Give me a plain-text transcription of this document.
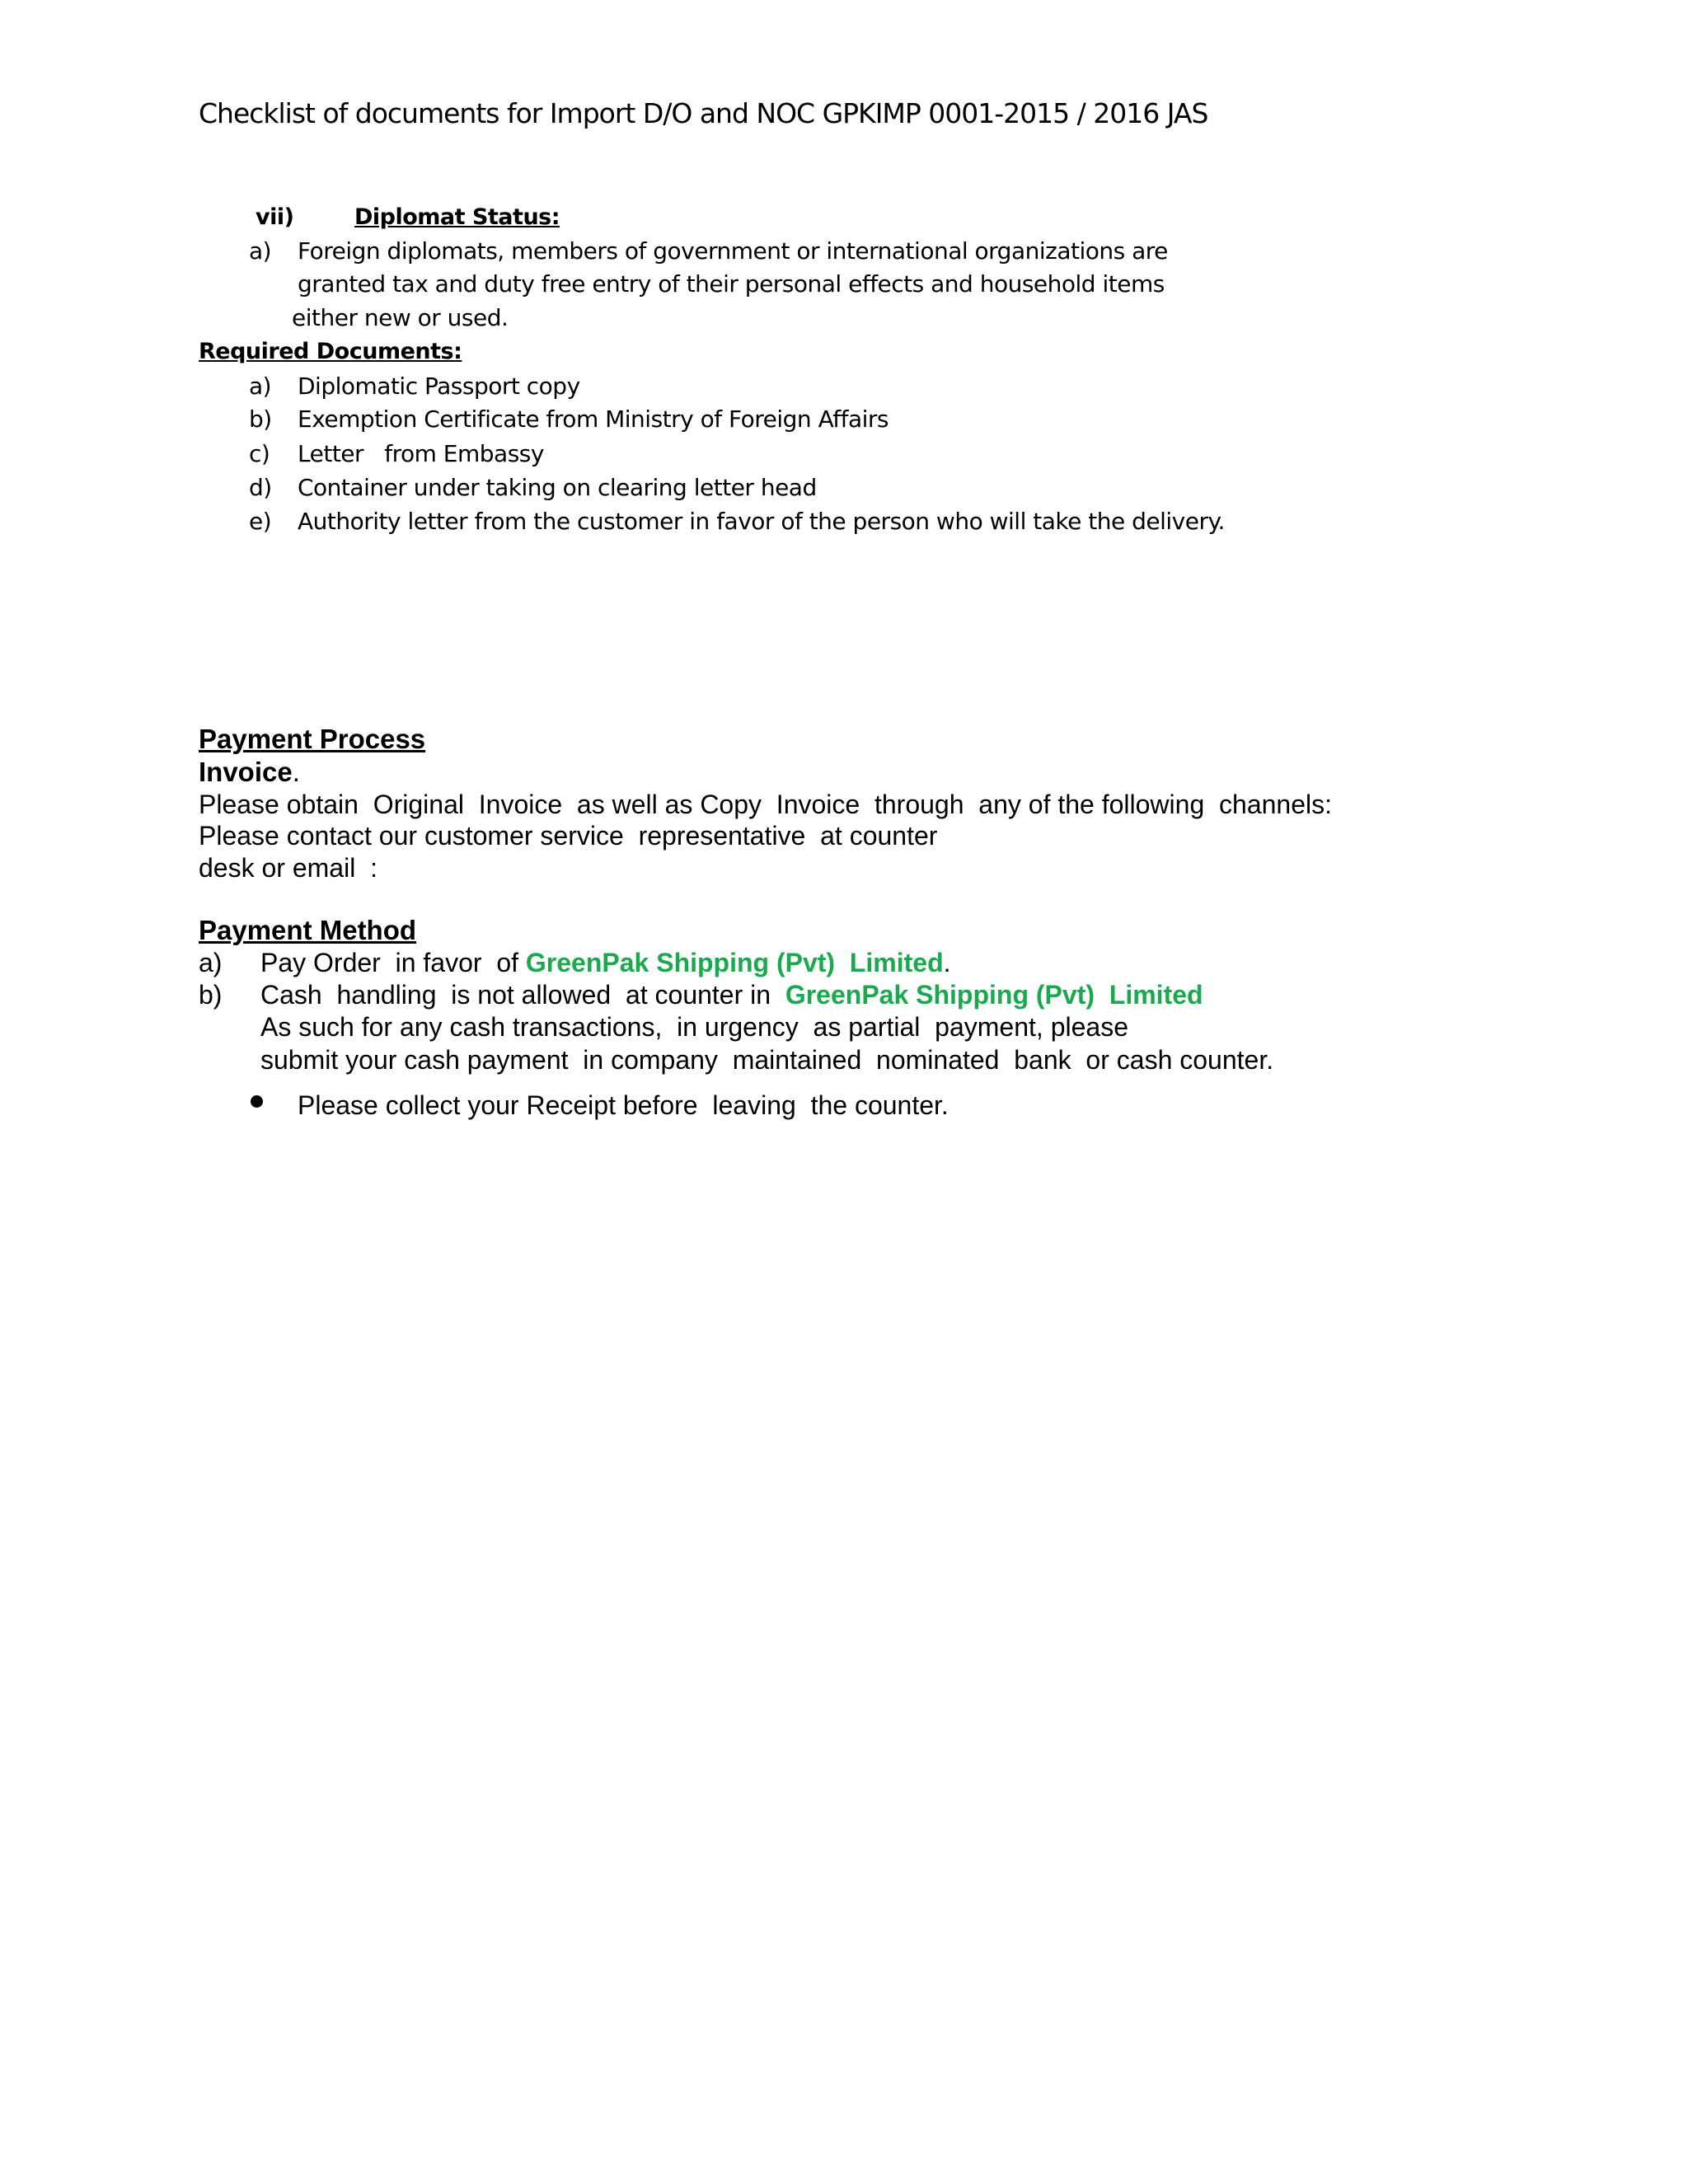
Checklist of documents for Import D/O and NOC GPKIMP 0001-2015 / 2016 JAS
vii)	Diplomat Status:
a) Foreign diplomats, members of government or international organizations are
granted tax and duty free entry of their personal effects and household items
either new or used.
Required Documents:
a) Diplomatic Passport copy
b) Exemption Certificate from Ministry of Foreign Affairs
c) Letter   from Embassy
d) Container under taking on clearing letter head
e) Authority letter from the customer in favor of the person who will take the delivery.
Payment Process
Invoice.
Please obtain  Original  Invoice  as well as Copy  Invoice  through  any of the following  channels:
Please contact our customer service  representative  at counter
desk or email  :
Payment Method
a) Pay Order  in favor  of GreenPak Shipping (Pvt)  Limited.
b) Cash  handling  is not allowed  at counter in  GreenPak Shipping (Pvt)  Limited
As such for any cash transactions,  in urgency  as partial  payment, please
submit your cash payment  in company  maintained  nominated  bank  or cash counter.
Please collect your Receipt before  leaving  the counter.
